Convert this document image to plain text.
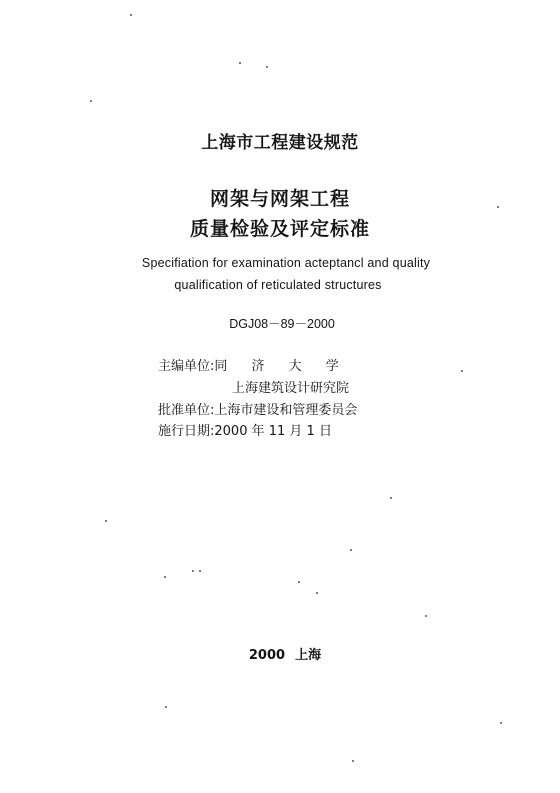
上海市工程建设规范
网架与网架工程
质量检验及评定标准
Specifiation for examination acteptancl and quality
qualification of reticulated structures
DGJ08－89－2000
主编单位:同 济 大 学
上海建筑设计研究院
批准单位:上海市建设和管理委员会
施行日期:2000 年 11 月 1 日
2000 上海
